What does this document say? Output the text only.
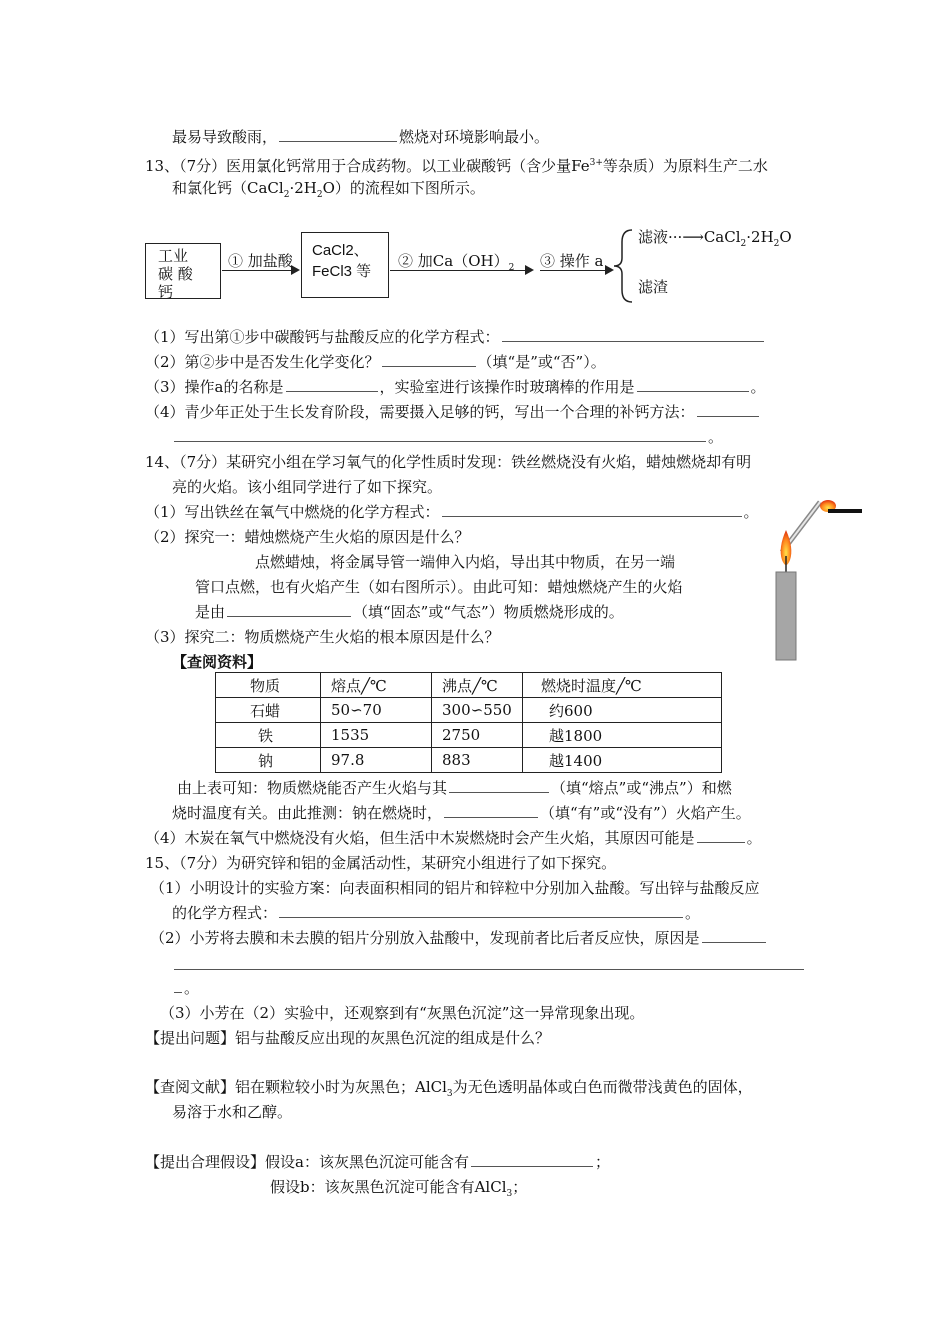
最易导致酸雨，	燃烧对环境影响最小。
13、（7分）医用氯化钙常用于合成药物。以工业碳酸钙（含少量$Fe^{3+}$等杂质）为原料生产二水
和氯化钙$(CaCl_2\cdot 2H_2O)$的流程如下图所示。
工业
碳 酸
钙
① 加盐酸
CaCl2、
FeCl3 等
② 加$Ca(OH)_2$ ③ 操作 a
滤液$\cdot\cdot\cdot⟶CaCl_2\cdot 2H_2O$
滤渣
（1）写出第①步中碳酸钙与盐酸反应的化学方程式：
（2）第②步中是否发生化学变化？	（填“是”或“否”）。
（3）操作a的名称是	，实验室进行该操作时玻璃棒的作用是	。
（4）青少年正处于生长发育阶段，需要摄入足够的钙，写出一个合理的补钙方法：
。
14、（7分）某研究小组在学习氧气的化学性质时发现：铁丝燃烧没有火焰，蜡烛燃烧却有明
亮的火焰。该小组同学进行了如下探究。
（1）写出铁丝在氧气中燃烧的化学方程式：	。
（2）探究一：蜡烛燃烧产生火焰的原因是什么？
点燃蜡烛，将金属导管一端伸入内焰，导出其中物质，在另一端
管口点燃，也有火焰产生（如右图所示）。由此可知：蜡烛燃烧产生的火焰
是由	（填“固态”或“气态”）物质燃烧形成的。
（3）探究二：物质燃烧产生火焰的根本原因是什么？
【查阅资料】
物质	熔点╱℃	沸点╱℃	燃烧时温度╱℃
石蜡	50∽70	300∽550	约600
铁	1535	2750	越1800
钠	97.8	883	越1400
由上表可知：物质燃烧能否产生火焰与其	（填“熔点”或“沸点”）和燃
烧时温度有关。由此推测：钠在燃烧时，	（填“有”或“没有”）火焰产生。
（4）木炭在氧气中燃烧没有火焰，但生活中木炭燃烧时会产生火焰，其原因可能是	。
15、（7分）为研究锌和铝的金属活动性，某研究小组进行了如下探究。
（1）小明设计的实验方案：向表面积相同的铝片和锌粒中分别加入盐酸。写出锌与盐酸反应
的化学方程式：	。
（2）小芳将去膜和未去膜的铝片分别放入盐酸中，发现前者比后者反应快，原因是
。
（3）小芳在（2）实验中，还观察到有“灰黑色沉淀”这一异常现象出现。
【提出问题】铝与盐酸反应出现的灰黑色沉淀的组成是什么？
【查阅文献】铝在颗粒较小时为灰黑色；AlCl$_3$为无色透明晶体或白色而微带浅黄色的固体，
易溶于水和乙醇。
【提出合理假设】假设a：该灰黑色沉淀可能含有	；
假设b：该灰黑色沉淀可能含有AlCl$_3$；
